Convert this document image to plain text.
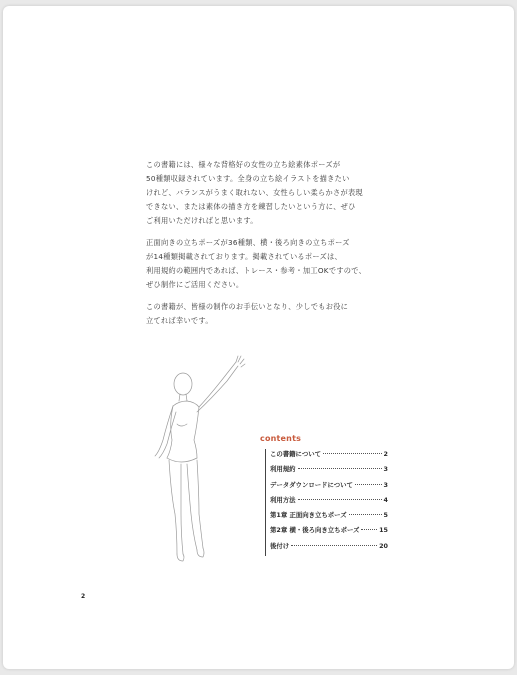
この書籍には、様々な背格好の女性の立ち絵素体ポーズが
50種類収録されています。全身の立ち絵イラストを描きたい
けれど、バランスがうまく取れない、女性らしい柔らかさが表現
できない、または素体の描き方を練習したいという方に、ぜひ
ご利用いただければと思います。

正面向きの立ちポーズが36種類、横・後ろ向きの立ちポーズ
が14種類掲載されております。掲載されているポーズは、
利用規約の範囲内であれば、トレース・参考・加工OKですので、
ぜひ制作にご活用ください。

この書籍が、皆様の制作のお手伝いとなり、少しでもお役に
立てれば幸いです。

contents
この書籍について	2
利用規約	3
データダウンロードについて	3
利用方法	4
第1章 正面向き立ちポーズ	5
第2章 横・後ろ向き立ちポーズ	15
後付け	20
2
